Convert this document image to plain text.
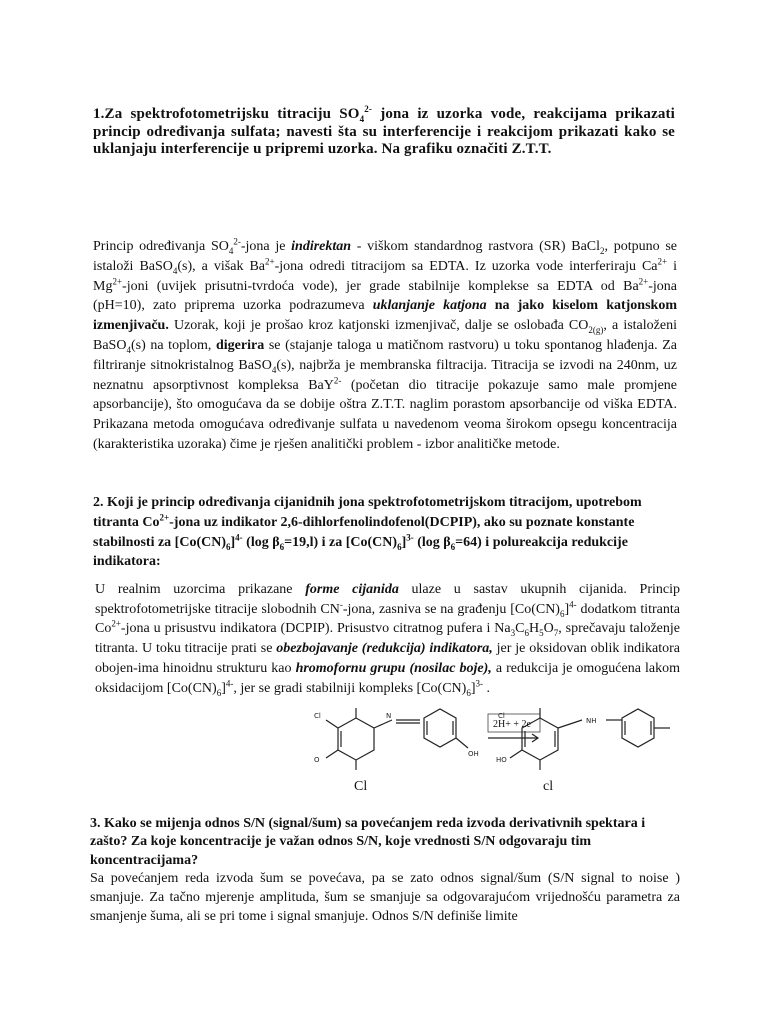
1.Za spektrofotometrijsku titraciju $SO_4^{2-}$ jona iz uzorka vode, reakcijama prikazati princip određivanja sulfata; navesti šta su interferencije i reakcijom prikazati kako se uklanjaju interferencije u pripremi uzorka. Na grafiku označiti Z.T.T.
Princip određivanja $SO_4^{2-}$-jona je indirektan - viškom standardnog rastvora (SR) BaCl$_2$, potpuno se istaloži BaSO$_4$(s), a višak $Ba^{2+}$-jona odredi titracijom sa EDTA. Iz uzorka vode interferiraju $Ca^{2+}$ i $Mg^{2+}$-joni (uvijek prisutni-tvrdoća vode), jer grade stabilnije komplekse sa EDTA od $Ba^{2+}$-jona (pH=10), zato priprema uzorka podrazumeva uklanjanje katjona na jako kiselom katjonskom izmenjivaču. Uzorak, koji je prošao kroz katjonski izmenjivač, dalje se oslobađa $CO_{2(g)}$, a istaloženi BaSO$_4$(s) na toplom, digerira se (stajanje taloga u matičnom rastvoru) u toku spontanog hlađenja. Za filtriranje sitnokristalnog BaSO$_4$(s), najbrža je membranska filtracija. Titracija se izvodi na 240nm, uz neznatnu apsorptivnost kompleksa BaY$^{2-}$ (početan dio titracije pokazuje samo male promjene apsorbancije), što omogućava da se dobije oštra Z.T.T. naglim porastom apsorbancije od viška EDTA. Prikazana metoda omogućava određivanje sulfata u navedenom veoma širokom opsegu koncentracija (karakteristika uzoraka) čime je rješen analitički problem - izbor analitičke metode.
2. Koji je princip određivanja cijanidnih jona spektrofotometrijskom titracijom, upotrebom titranta $Co^{2+}$-jona uz indikator 2,6-dihlorfenolindofenol(DCPIP), ako su poznate konstante stabilnosti za $[Co(CN)_6]^{4-}$ (log $\beta_6=19,l$) i za $[Co(CN)_6]^{3-}$ (log $\beta_6=64$) i polureakcija redukcije indikatora:
U realnim uzorcima prikazane forme cijanida ulaze u sastav ukupnih cijanida. Princip spektrofotometrijske titracije slobodnih CN--jona, zasniva se na građenju $[Co(CN)_6]^{4-}$ dodatkom titranta $Co^{2+}$-jona u prisustvu indikatora (DCPIP). Prisustvo citratnog pufera i $Na_3C_6H_5O_7$, sprečavaju taloženje titranta. U toku titracije prati se obezbojavanje (redukcija) indikatora, jer je oksidovan oblik indikatora obojen-ima hinoidnu strukturu kao hromofornu grupu (nosilac boje), a redukcija je omogućena lakom oksidacijom $[Co(CN)_6]^{4-}$, jer se gradi stabilniji kompleks $[Co(CN)_6]^{3-}$ .
Cl
O
N
OH
Cl
HO
NH
2H+ + 2e
Cl	cl
3. Kako se mijenja odnos S/N (signal/šum) sa povećanjem reda izvoda derivativnih spektara i zašto? Za koje koncentracije je važan odnos S/N, koje vrednosti S/N odgovaraju tim koncentracijama?
Sa povećanjem reda izvoda šum se povećava, pa se zato odnos signal/šum (S/N signal to noise ) smanjuje. Za tačno mjerenje amplituda, šum se smanjuje sa odgovarajućom vrijednošću parametra za smanjenje šuma, ali se pri tome i signal smanjuje. Odnos S/N definiše limite
